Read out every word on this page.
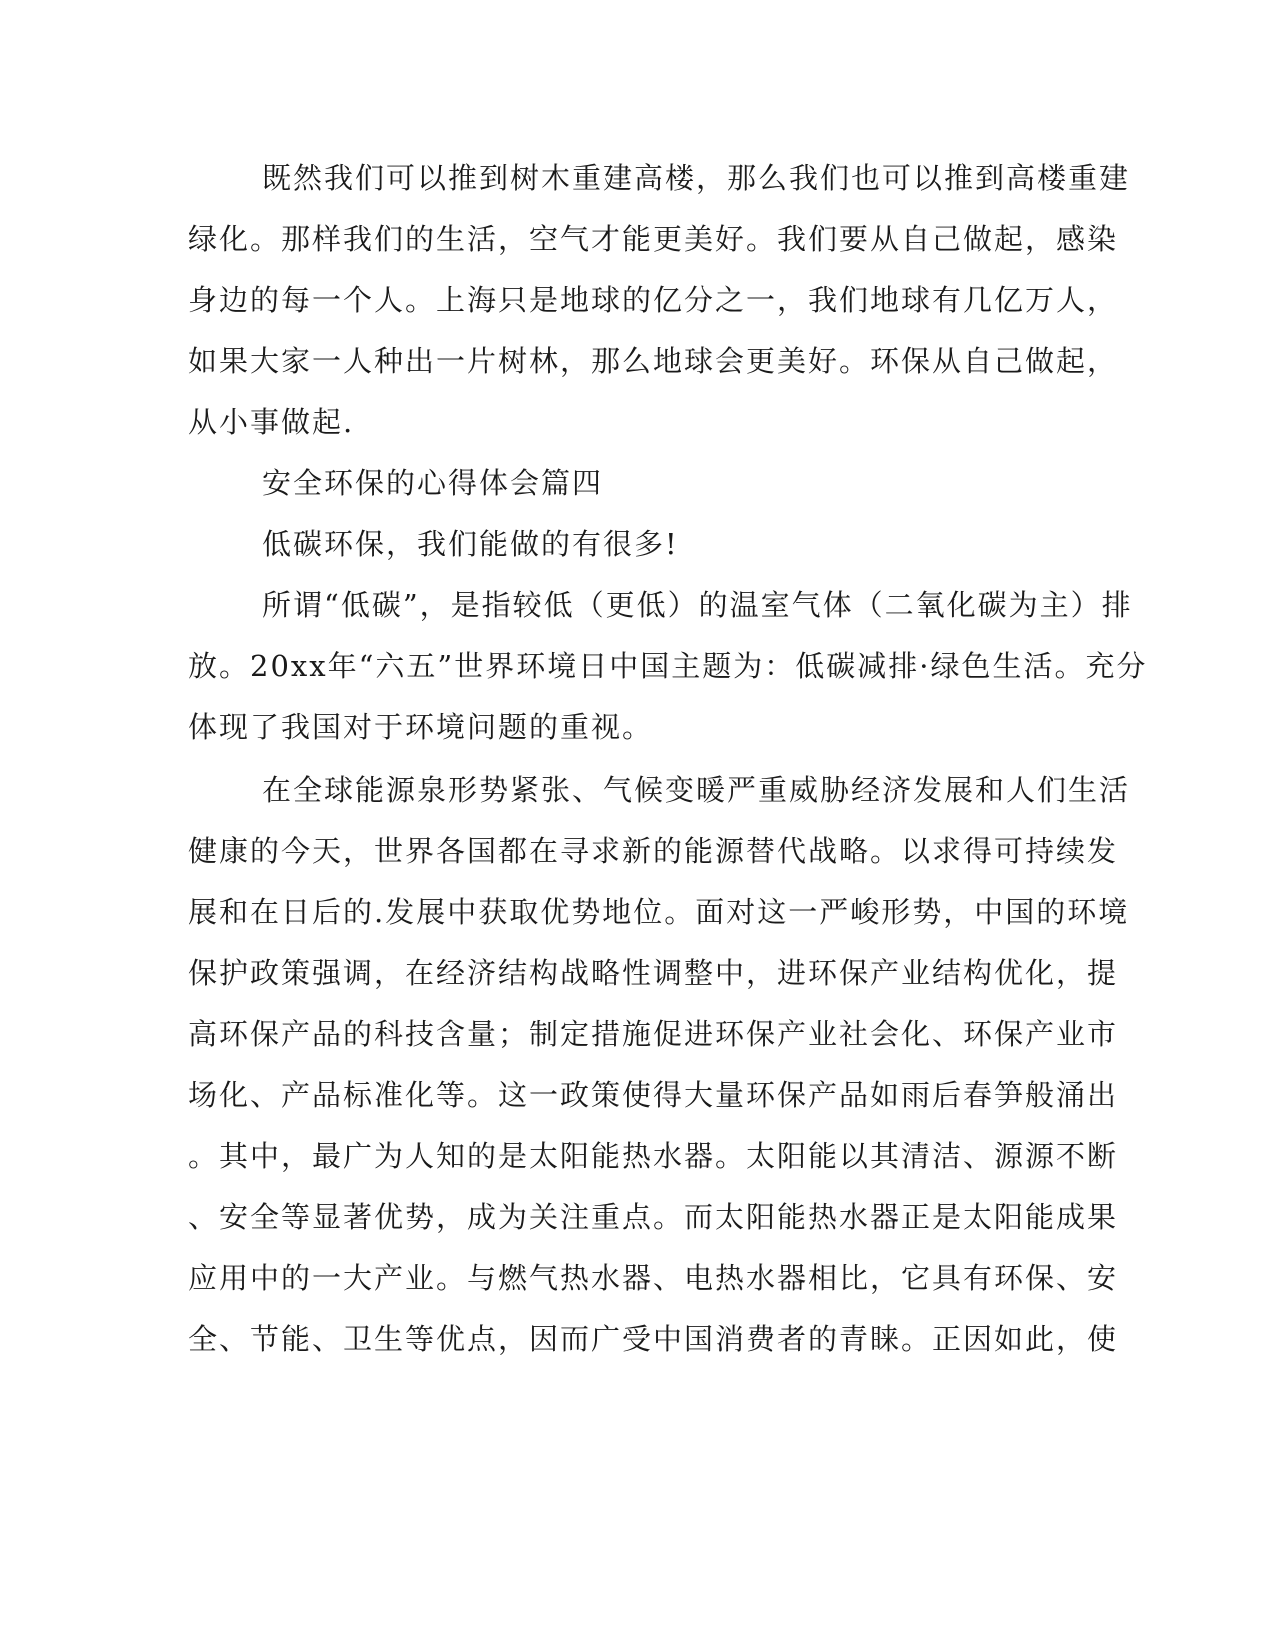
既然我们可以推到树木重建高楼，那么我们也可以推到高楼重建
绿化。那样我们的生活，空气才能更美好。我们要从自己做起，感染
身边的每一个人。上海只是地球的亿分之一，我们地球有几亿万人，
如果大家一人种出一片树林，那么地球会更美好。环保从自己做起，
从小事做起.
安全环保的心得体会篇四
低碳环保，我们能做的有很多!
所谓“低碳”，是指较低（更低）的温室气体（二氧化碳为主）排
放。20xx年“六五”世界环境日中国主题为：低碳减排·绿色生活。充分
体现了我国对于环境问题的重视。
在全球能源泉形势紧张、气候变暖严重威胁经济发展和人们生活
健康的今天，世界各国都在寻求新的能源替代战略。以求得可持续发
展和在日后的.发展中获取优势地位。面对这一严峻形势，中国的环境
保护政策强调，在经济结构战略性调整中，进环保产业结构优化，提
高环保产品的科技含量；制定措施促进环保产业社会化、环保产业市
场化、产品标准化等。这一政策使得大量环保产品如雨后春笋般涌出
。其中，最广为人知的是太阳能热水器。太阳能以其清洁、源源不断
、安全等显著优势，成为关注重点。而太阳能热水器正是太阳能成果
应用中的一大产业。与燃气热水器、电热水器相比，它具有环保、安
全、节能、卫生等优点，因而广受中国消费者的青睐。正因如此，使
